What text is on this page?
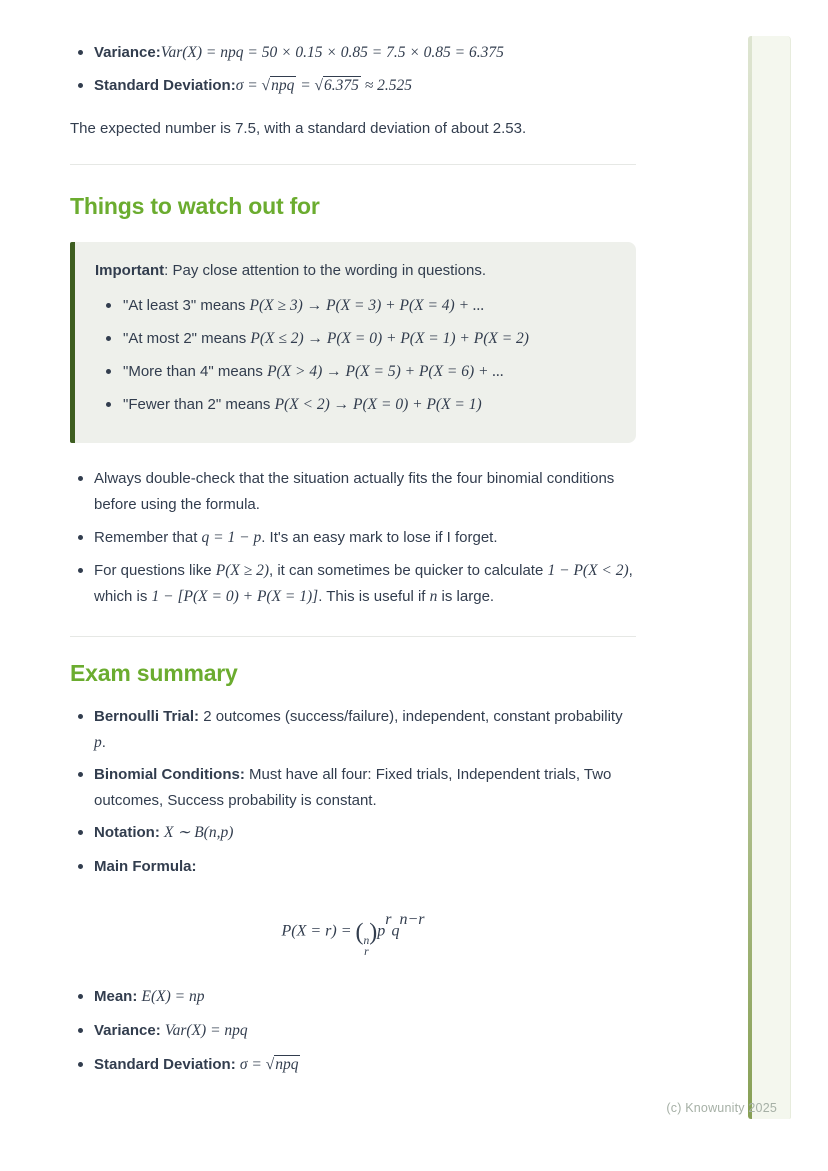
Variance:Var(X) = npq = 50 × 0.15 × 0.85 = 7.5 × 0.85 = 6.375
Standard Deviation:σ = √ npq = √ 6.375 ≈ 2.525
The expected number is 7.5, with a standard deviation of about 2.53.
Things to watch out for
Important: Pay close attention to the wording in questions.
"At least 3" means P(X ≥ 3) → P(X = 3) + P(X = 4) + ...
"At most 2" means P(X ≤ 2) → P(X = 0) + P(X = 1) + P(X = 2)
"More than 4" means P(X > 4) → P(X = 5) + P(X = 6) + ...
"Fewer than 2" means P(X < 2) → P(X = 0) + P(X = 1)
Always double-check that the situation actually fits the four binomial conditions before using the formula.
Remember that q = 1 − p. It's an easy mark to lose if I forget.
For questions like P(X ≥ 2), it can sometimes be quicker to calculate 1 − P(X < 2), which is 1 − [P(X = 0) + P(X = 1)]. This is useful if n is large.
Exam summary
Bernoulli Trial: 2 outcomes (success/failure), independent, constant probability p.
Binomial Conditions: Must have all four: Fixed trials, Independent trials, Two outcomes, Success probability is constant.
Notation: X ∼ B(n,p)
Main Formula:
P(X = r) = ( n
r
)$p^rq^{n-r}$
Mean: E(X) = np
Variance: Var(X) = npq
Standard Deviation: σ = √ npq
(c) Knowunity 2025
